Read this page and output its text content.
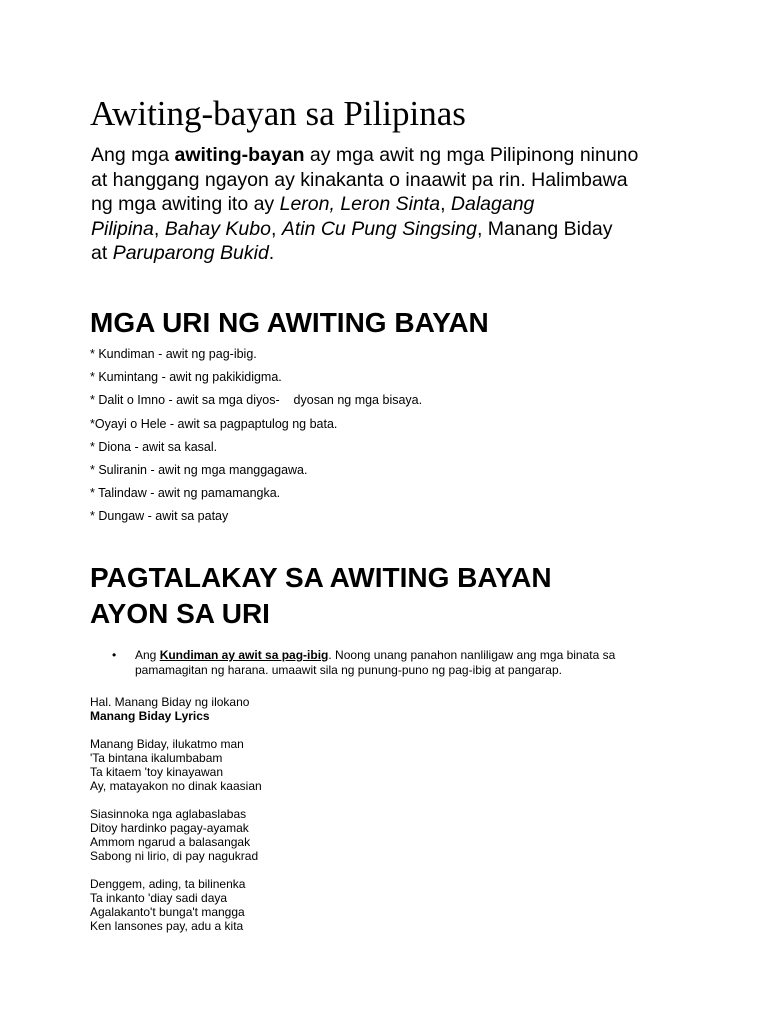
Awiting-bayan sa Pilipinas

Ang mga awiting-bayan ay mga awit ng mga Pilipinong ninuno
at hanggang ngayon ay kinakanta o inaawit pa rin. Halimbawa
ng mga awiting ito ay Leron, Leron Sinta, Dalagang
Pilipina, Bahay Kubo, Atin Cu Pung Singsing, Manang Biday
at Paruparong Bukid.

MGA URI NG AWITING BAYAN
* Kundiman - awit ng pag-ibig.
* Kumintang - awit ng pakikidigma.
* Dalit o Imno - awit sa mga diyos-    dyosan ng mga bisaya.
*Oyayi o Hele - awit sa pagpaptulog ng bata.
* Diona - awit sa kasal.
* Suliranin - awit ng mga manggagawa.
* Talindaw - awit ng pamamangka.
* Dungaw - awit sa patay
PAGTALAKAY SA AWITING BAYAN
AYON SA URI
• Ang Kundiman ay awit sa pag-ibig. Noong unang panahon nanliligaw ang mga binata sa
pamamagitan ng harana. umaawit sila ng punung-puno ng pag-ibig at pangarap.
Hal. Manang Biday ng ilokano
Manang Biday Lyrics
Manang Biday, ilukatmo man
'Ta bintana ikalumbabam
Ta kitaem 'toy kinayawan
Ay, matayakon no dinak kaasian
Siasinnoka nga aglabaslabas
Ditoy hardinko pagay-ayamak
Ammom ngarud a balasangak
Sabong ni lirio, di pay nagukrad
Denggem, ading, ta bilinenka
Ta inkanto 'diay sadi daya
Agalakanto't bunga't mangga
Ken lansones pay, adu a kita
